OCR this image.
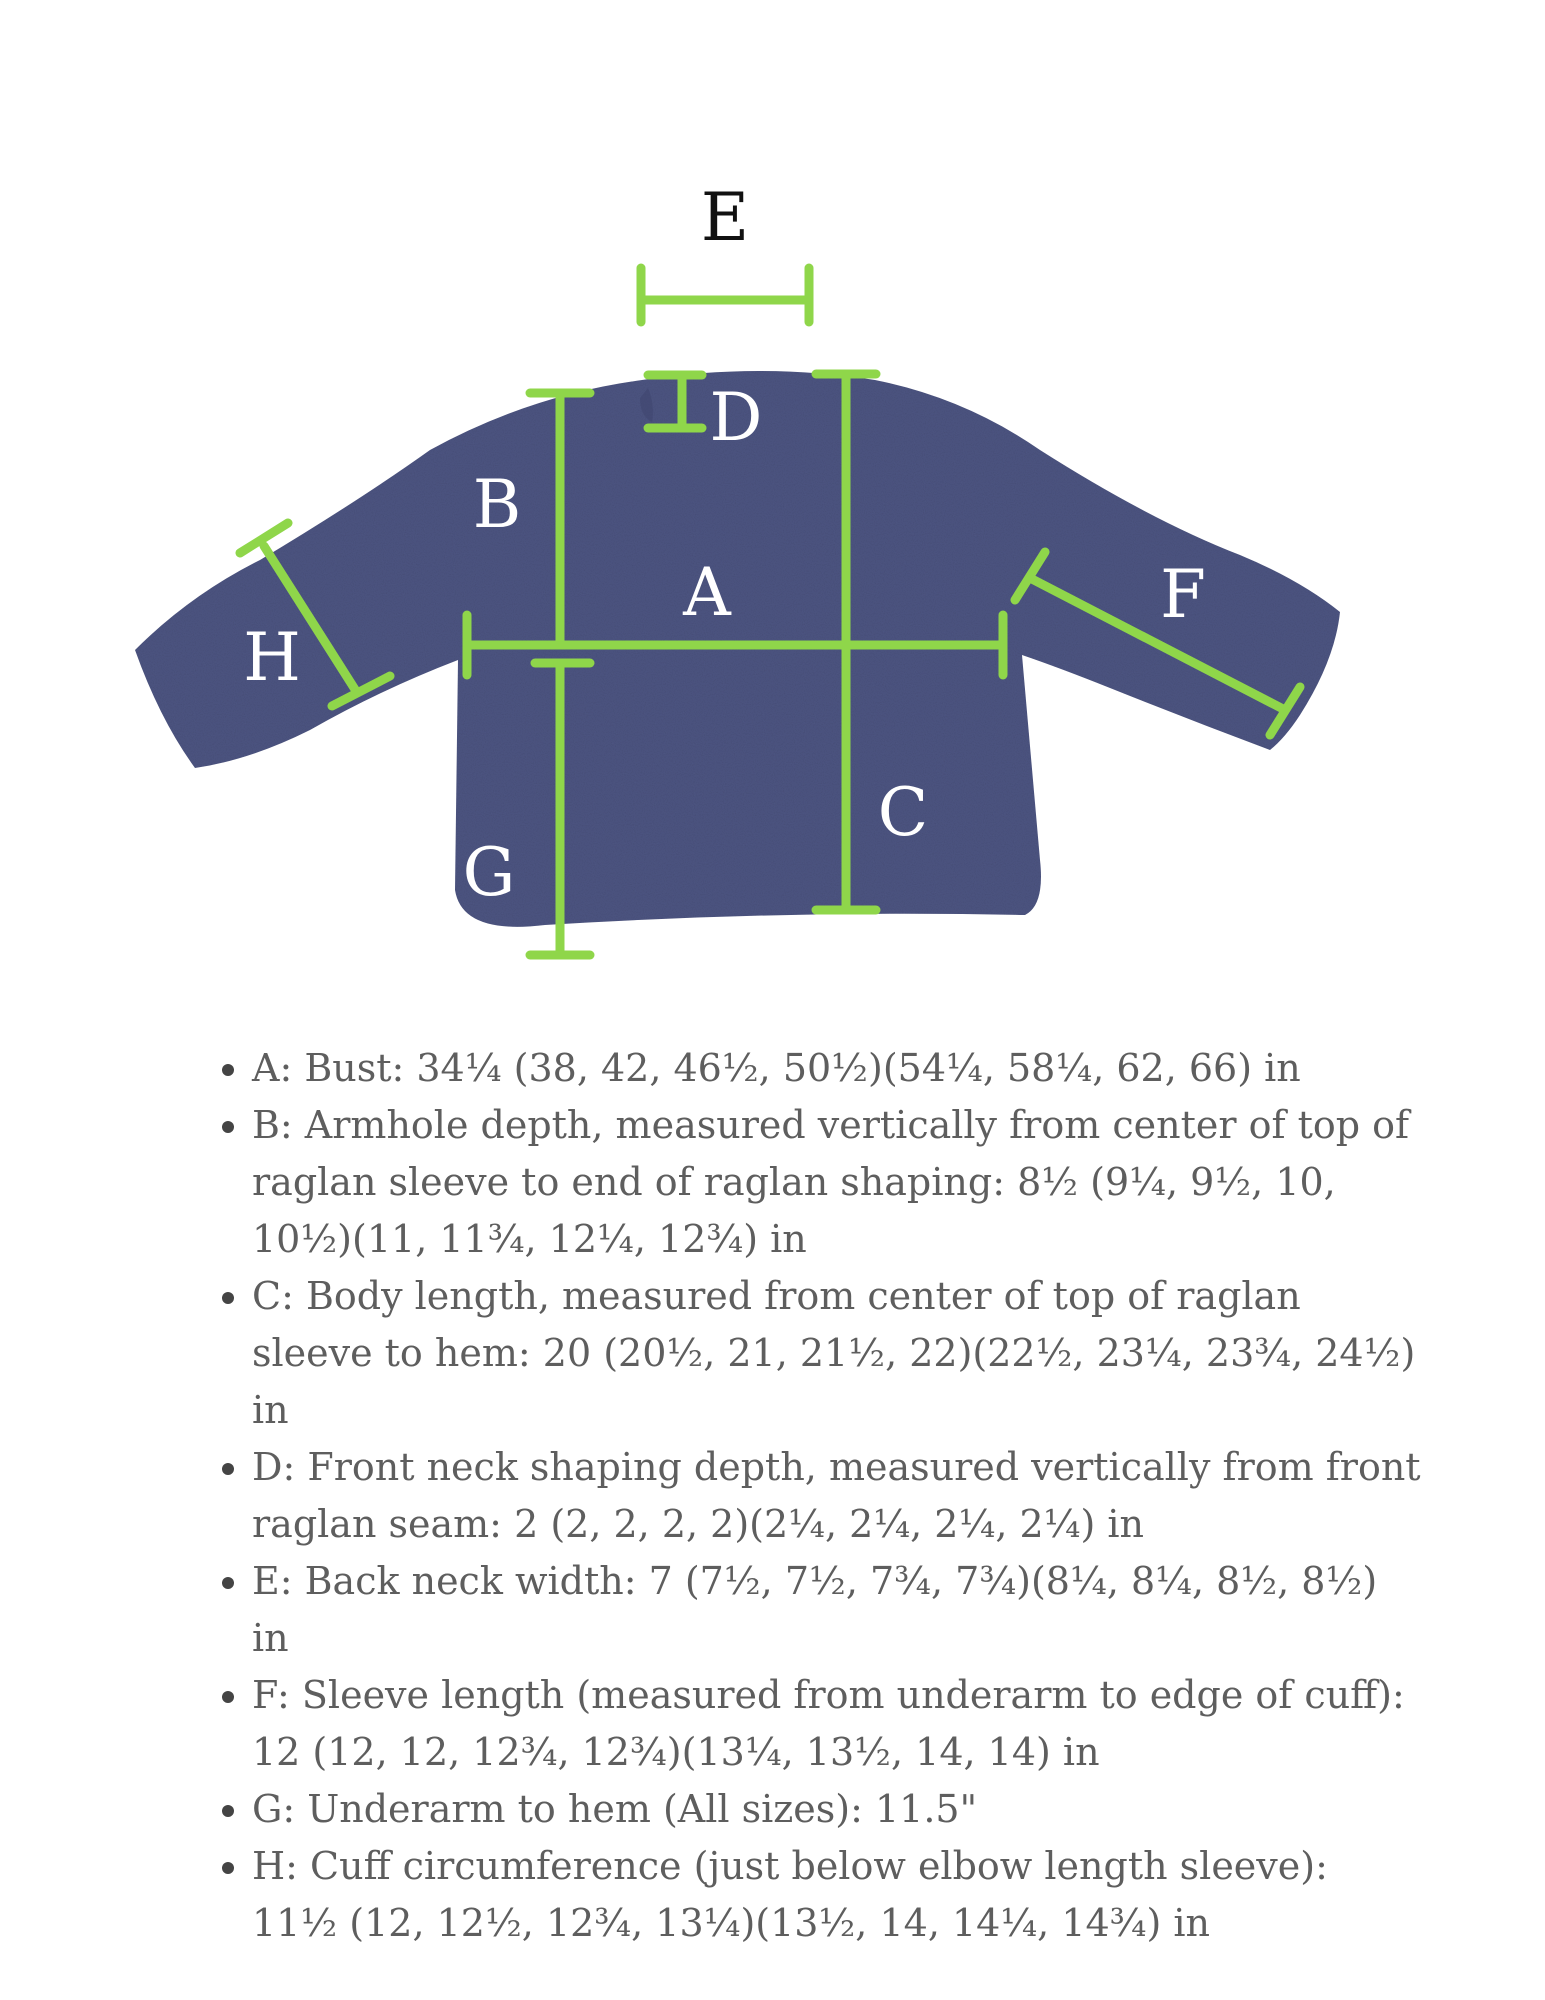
E
D
B
A	F
H
C
G
• A: Bust: 34¼ (38, 42, 46½, 50½)(54¼, 58¼, 62, 66) in
• B: Armhole depth, measured vertically from center of top of raglan sleeve to end of raglan shaping: 8½ (9¼, 9½, 10, 10½)(11, 11¾, 12¼, 12¾) in
• C: Body length, measured from center of top of raglan sleeve to hem: 20 (20½, 21, 21½, 22)(22½, 23¼, 23¾, 24½) in
• D: Front neck shaping depth, measured vertically from front raglan seam: 2 (2, 2, 2, 2)(2¼, 2¼, 2¼, 2¼) in
• E: Back neck width: 7 (7½, 7½, 7¾, 7¾)(8¼, 8¼, 8½, 8½) in
• F: Sleeve length (measured from underarm to edge of cuff): 12 (12, 12, 12¾, 12¾)(13¼, 13½, 14, 14) in
• G: Underarm to hem (All sizes): 11.5"
• H: Cuff circumference (just below elbow length sleeve): 11½ (12, 12½, 12¾, 13¼)(13½, 14, 14¼, 14¾) in
